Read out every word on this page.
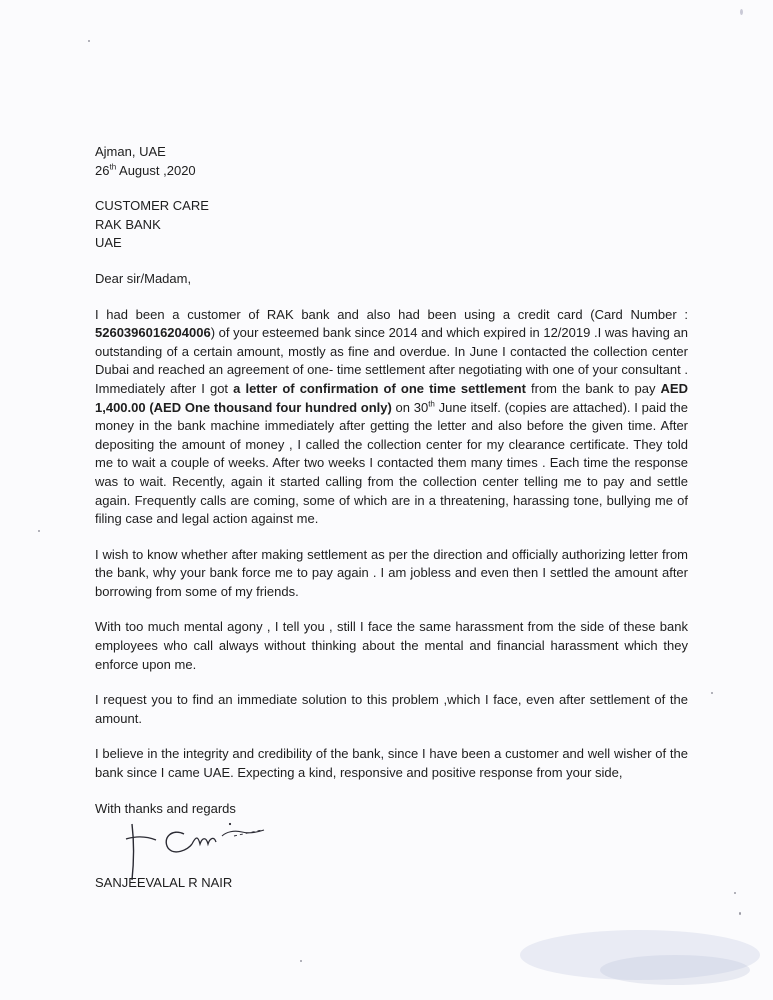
Ajman, UAE
26th August ,2020
CUSTOMER CARE
RAK BANK
UAE
Dear sir/Madam,

I had been a customer of RAK bank and also had been using a credit card (Card Number : 5260396016204006) of your esteemed bank since 2014 and which expired in 12/2019 .I was having an outstanding of a certain amount, mostly as fine and overdue. In June I contacted the collection center Dubai and reached an agreement of one- time settlement after negotiating with one of your consultant . Immediately after I got a letter of confirmation of one time settlement from the bank to pay AED 1,400.00 (AED One thousand four hundred only) on 30th June itself. (copies are attached). I paid the money in the bank machine immediately after getting the letter and also before the given time. After depositing the amount of money , I called the collection center for my clearance certificate. They told me to wait a couple of weeks. After two weeks I contacted them many times . Each time the response was to wait. Recently, again it started calling from the collection center telling me to pay and settle again. Frequently calls are coming, some of which are in a threatening, harassing tone, bullying me of filing case and legal action against me.

I wish to know whether after making settlement as per the direction and officially authorizing letter from the bank, why your bank force me to pay again . I am jobless and even then I settled the amount after borrowing from some of my friends.

With too much mental agony , I tell you , still I face the same harassment from the side of these bank employees who call always without thinking about the mental and financial harassment which they enforce upon me.

I request you to find an immediate solution to this problem ,which I face, even after settlement of the amount.

I believe in the integrity and credibility of the bank, since I have been a customer and well wisher of the bank since I came UAE. Expecting a kind, responsive and positive response from your side,

With thanks and regards
SANJEEVALAL R NAIR
